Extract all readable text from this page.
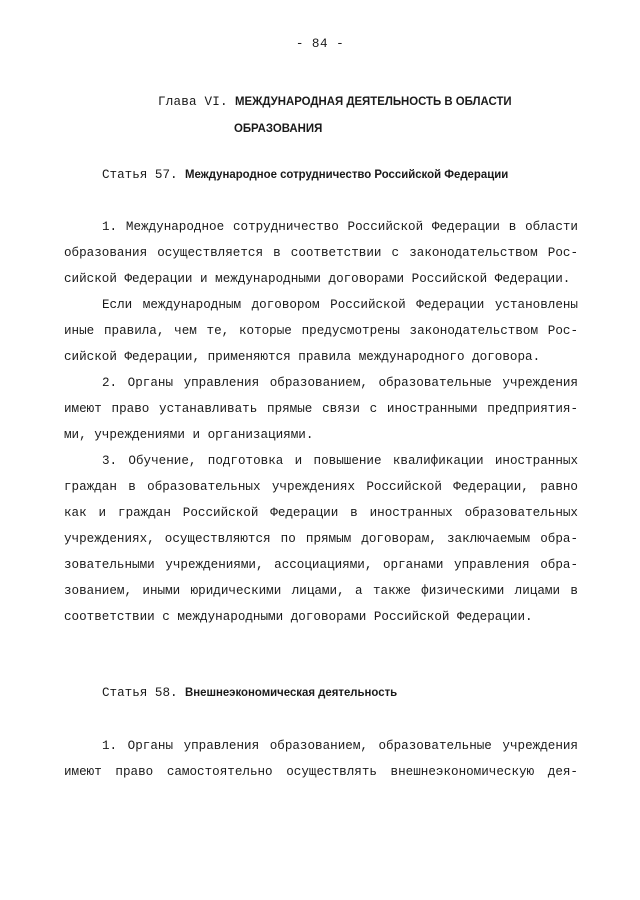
- 84 -
Глава VI. МЕЖДУНАРОДНАЯ ДЕЯТЕЛЬНОСТЬ В ОБЛАСТИ
ОБРАЗОВАНИЯ
Статья 57. Международное сотрудничество Российской Федерации
1. Международное сотрудничество Российской Федерации в области
образования осуществляется в соответствии с законодательством Рос-
сийской Федерации и международными договорами Российской Федерации.
Если международным договором Российской Федерации установлены
иные правила, чем те, которые предусмотрены законодательством Рос-
сийской Федерации, применяются правила международного договора.
2. Органы управления образованием, образовательные учреждения
имеют право устанавливать прямые связи с иностранными предприятия-
ми, учреждениями и организациями.
3. Обучение, подготовка и повышение квалификации иностранных
граждан в образовательных учреждениях Российской Федерации, равно
как и граждан Российской Федерации в иностранных образовательных
учреждениях, осуществляются по прямым договорам, заключаемым обра-
зовательными учреждениями, ассоциациями, органами управления обра-
зованием, иными юридическими лицами, а также физическими лицами в
соответствии с международными договорами Российской Федерации.
Статья 58. Внешнеэкономическая деятельность
1. Органы управления образованием, образовательные учреждения
имеют право самостоятельно осуществлять внешнеэкономическую дея-
